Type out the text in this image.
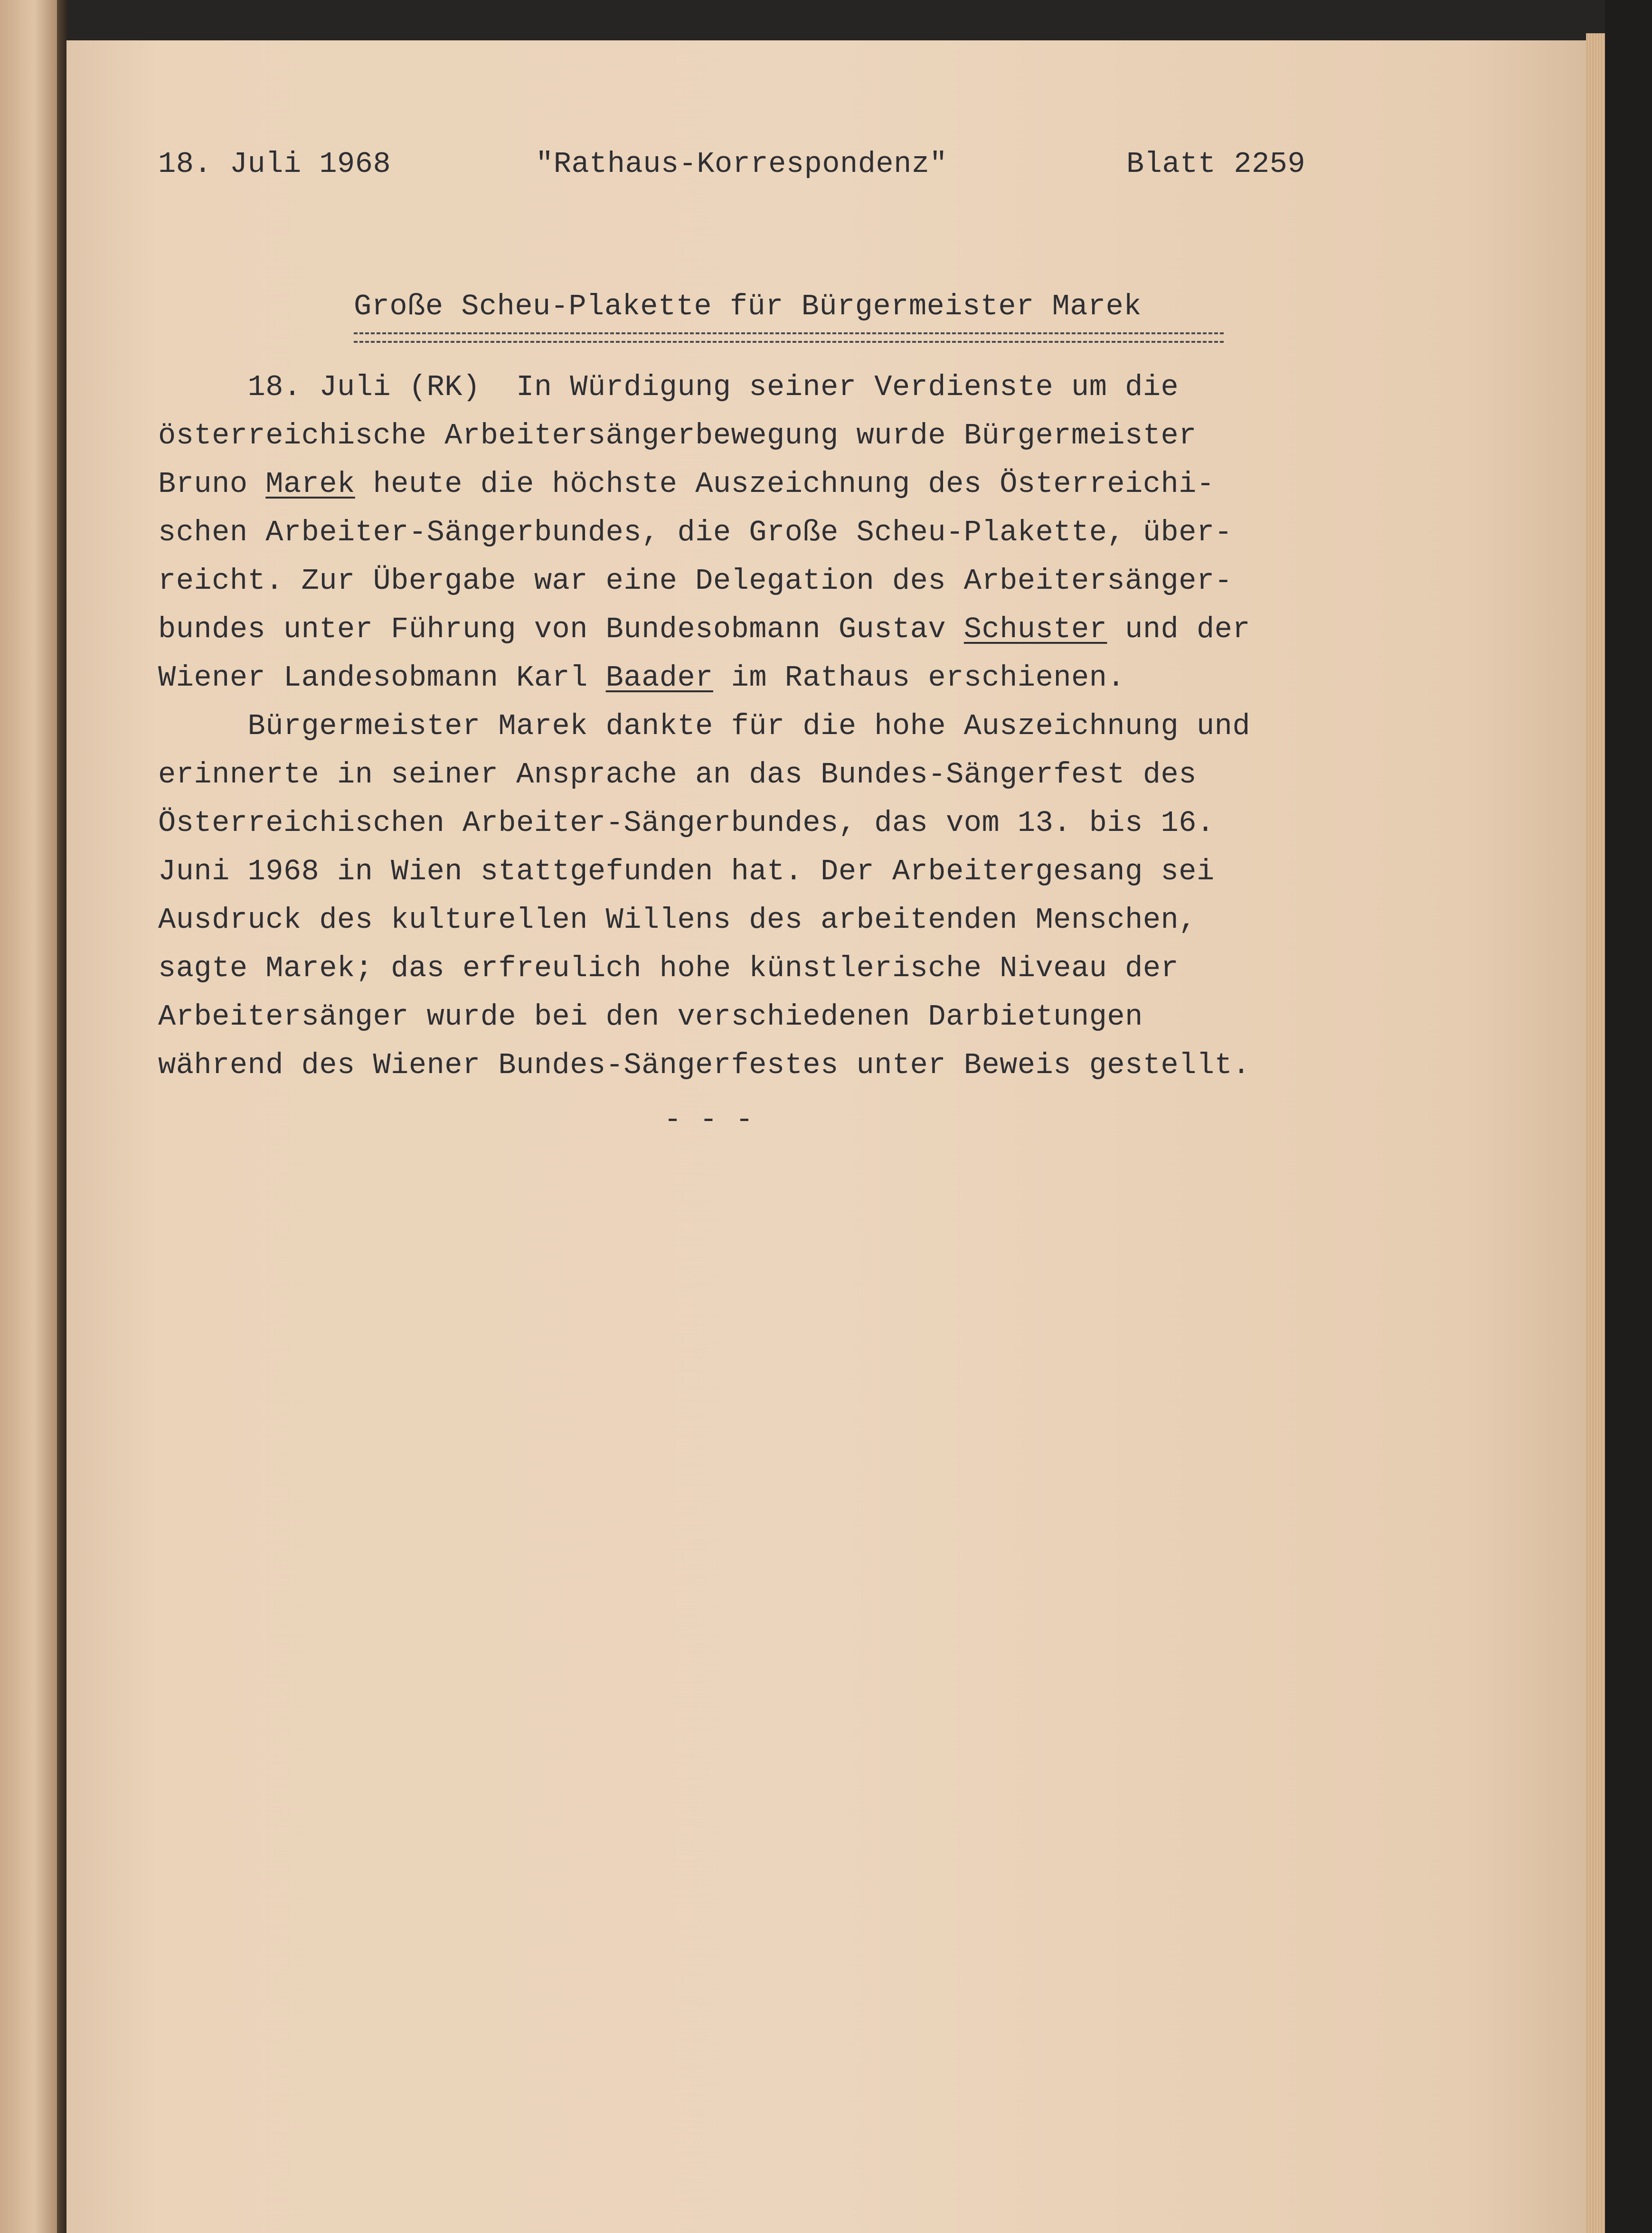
18. Juli 1968	"Rathaus-Korrespondenz"	Blatt 2259
Große Scheu-Plakette für Bürgermeister Marek
18. Juli (RK)  In Würdigung seiner Verdienste um die
österreichische Arbeitersängerbewegung wurde Bürgermeister
Bruno Marek heute die höchste Auszeichnung des Österreichi-
schen Arbeiter-Sängerbundes, die Große Scheu-Plakette, über-
reicht. Zur Übergabe war eine Delegation des Arbeitersänger-
bundes unter Führung von Bundesobmann Gustav Schuster und der
Wiener Landesobmann Karl Baader im Rathaus erschienen.
Bürgermeister Marek dankte für die hohe Auszeichnung und
erinnerte in seiner Ansprache an das Bundes-Sängerfest des
Österreichischen Arbeiter-Sängerbundes, das vom 13. bis 16.
Juni 1968 in Wien stattgefunden hat. Der Arbeitergesang sei
Ausdruck des kulturellen Willens des arbeitenden Menschen,
sagte Marek; das erfreulich hohe künstlerische Niveau der
Arbeitersänger wurde bei den verschiedenen Darbietungen
während des Wiener Bundes-Sängerfestes unter Beweis gestellt.
- - -
